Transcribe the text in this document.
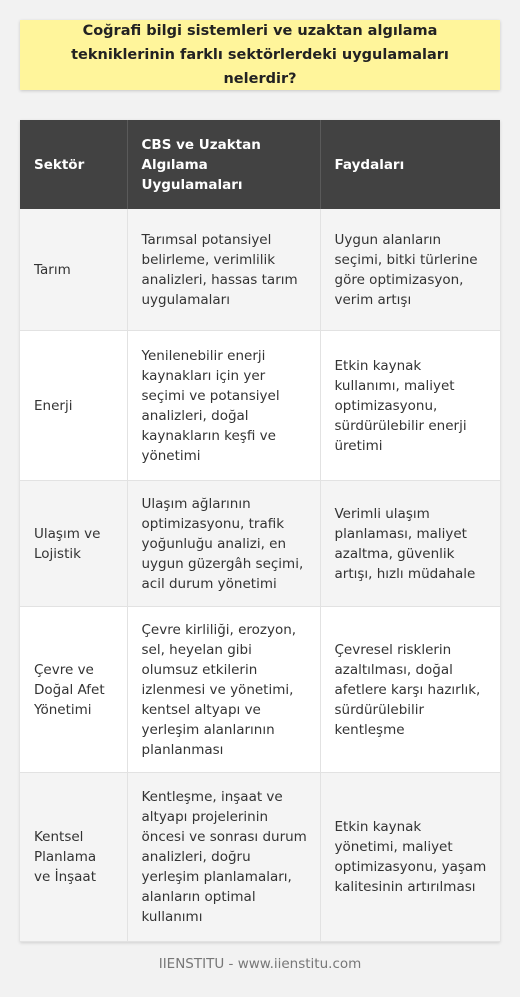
Coğrafi bilgi sistemleri ve uzaktan algılama tekniklerinin farklı sektörlerdeki uygulamaları nelerdir?
Sektör	CBS ve Uzaktan Algılama Uygulamaları	Faydaları
Tarım	Tarımsal potansiyel belirleme, verimlilik analizleri, hassas tarım uygulamaları	Uygun alanların seçimi, bitki türlerine göre optimizasyon, verim artışı
Enerji	Yenilenebilir enerji kaynakları için yer seçimi ve potansiyel analizleri, doğal kaynakların keşfi ve yönetimi	Etkin kaynak kullanımı, maliyet optimizasyonu, sürdürülebilir enerji üretimi
Ulaşım ve Lojistik	Ulaşım ağlarının optimizasyonu, trafik yoğunluğu analizi, en uygun güzergâh seçimi, acil durum yönetimi	Verimli ulaşım planlaması, maliyet azaltma, güvenlik artışı, hızlı müdahale
Çevre ve Doğal Afet Yönetimi	Çevre kirliliği, erozyon, sel, heyelan gibi olumsuz etkilerin izlenmesi ve yönetimi, kentsel altyapı ve yerleşim alanlarının planlanması	Çevresel risklerin azaltılması, doğal afetlere karşı hazırlık, sürdürülebilir kentleşme
Kentsel Planlama ve İnşaat	Kentleşme, inşaat ve altyapı projelerinin öncesi ve sonrası durum analizleri, doğru yerleşim planlamaları, alanların optimal kullanımı	Etkin kaynak yönetimi, maliyet optimizasyonu, yaşam kalitesinin artırılması
IIENSTITU - www.iienstitu.com
